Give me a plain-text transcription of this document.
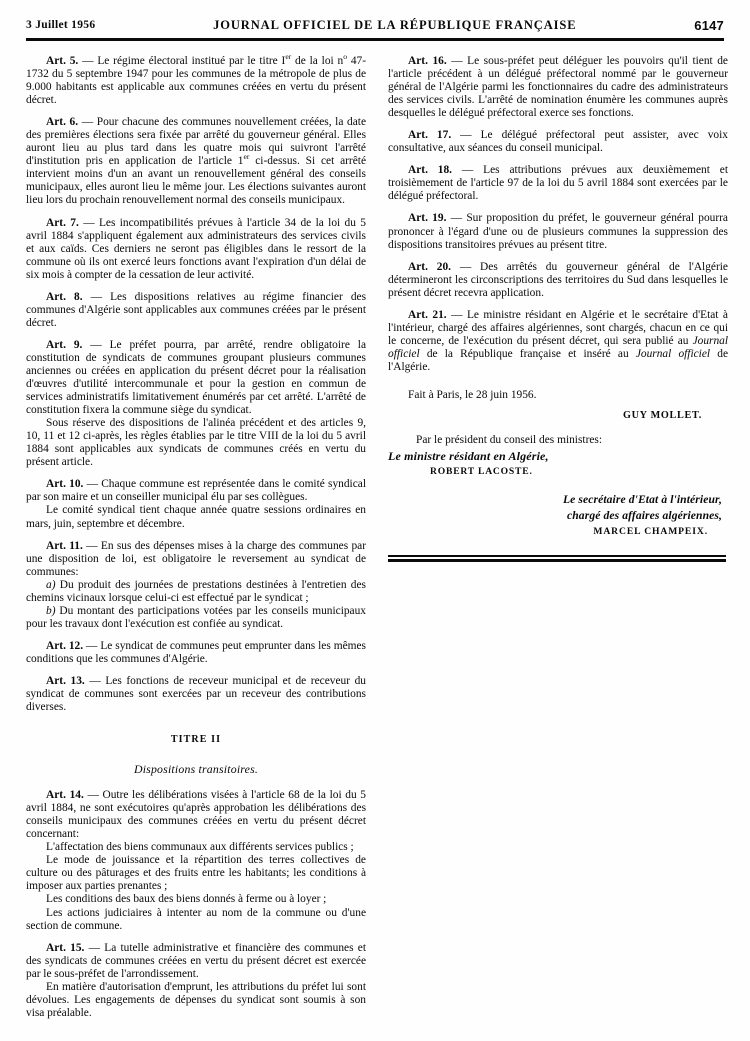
3 Juillet 1956	JOURNAL OFFICIEL DE LA RÉPUBLIQUE FRANÇAISE	6147

Art. 5. — Le régime électoral institué par le titre Ier de la loi $n^o$ 47-1732 du 5 septembre 1947 pour les communes de la métropole de plus de 9.000 habitants est applicable aux communes créées en vertu du présent décret.

Art. 6. — Pour chacune des communes nouvellement créées, la date des premières élections sera fixée par arrêté du gouverneur général. Elles auront lieu au plus tard dans les quatre mois qui suivront l'arrêté d'institution pris en application de l'article 1er ci-dessus. Si cet arrêté intervient moins d'un an avant un renouvellement général des conseils municipaux, elles auront lieu le même jour. Les élections suivantes auront lieu lors du prochain renouvellement normal des conseils municipaux.

Art. 7. — Les incompatibilités prévues à l'article 34 de la loi du 5 avril 1884 s'appliquent également aux administrateurs des services civils et aux caïds. Ces derniers ne seront pas éligibles dans le ressort de la commune où ils ont exercé leurs fonctions avant l'expiration d'un délai de six mois à compter de la cessation de leur activité.

Art. 8. — Les dispositions relatives au régime financier des communes d'Algérie sont applicables aux communes créées par le présent décret.

Art. 9. — Le préfet pourra, par arrêté, rendre obligatoire la constitution de syndicats de communes groupant plusieurs communes anciennes ou créées en application du présent décret pour la réalisation d'œuvres d'utilité intercommunale et pour la gestion en commun de services administratifs limitativement énumérés par cet arrêté. L'arrêté de constitution fixera la commune siège du syndicat.

Sous réserve des dispositions de l'alinéa précédent et des articles 9, 10, 11 et 12 ci-après, les règles établies par le titre VIII de la loi du 5 avril 1884 sont applicables aux syndicats de communes créés en vertu du présent article.

Art. 10. — Chaque commune est représentée dans le comité syndical par son maire et un conseiller municipal élu par ses collègues.

Le comité syndical tient chaque année quatre sessions ordinaires en mars, juin, septembre et décembre.

Art. 11. — En sus des dépenses mises à la charge des communes par une disposition de loi, est obligatoire le reversement au syndicat de communes:

a) Du produit des journées de prestations destinées à l'entretien des chemins vicinaux lorsque celui-ci est effectué par le syndicat ;

b) Du montant des participations votées par les conseils municipaux pour les travaux dont l'exécution est confiée au syndicat.

Art. 12. — Le syndicat de communes peut emprunter dans les mêmes conditions que les communes d'Algérie.

Art. 13. — Les fonctions de receveur municipal et de receveur du syndicat de communes sont exercées par un receveur des contributions diverses.

TITRE II
Dispositions transitoires.

Art. 14. — Outre les délibérations visées à l'article 68 de la loi du 5 avril 1884, ne sont exécutoires qu'après approbation les délibérations des conseils municipaux des communes créées en vertu du présent décret concernant:

L'affectation des biens communaux aux différents services publics ;

Le mode de jouissance et la répartition des terres collectives de culture ou des pâturages et des fruits entre les habitants; les conditions à imposer aux parties prenantes ;

Les conditions des baux des biens donnés à ferme ou à loyer ;

Les actions judiciaires à intenter au nom de la commune ou d'une section de commune.

Art. 15. — La tutelle administrative et financière des communes et des syndicats de communes créées en vertu du présent décret est exercée par le sous-préfet de l'arrondissement.

En matière d'autorisation d'emprunt, les attributions du préfet lui sont dévolues. Les engagements de dépenses du syndicat sont soumis à son visa préalable.

Art. 16. — Le sous-préfet peut déléguer les pouvoirs qu'il tient de l'article précédent à un délégué préfectoral nommé par le gouverneur général de l'Algérie parmi les fonctionnaires du cadre des administrateurs des services civils. L'arrêté de nomination énumère les communes auprès desquelles le délégué préfectoral exerce ses fonctions.

Art. 17. — Le délégué préfectoral peut assister, avec voix consultative, aux séances du conseil municipal.

Art. 18. — Les attributions prévues aux deuxièmement et troisièmement de l'article 97 de la loi du 5 avril 1884 sont exercées par le délégué préfectoral.

Art. 19. — Sur proposition du préfet, le gouverneur général pourra prononcer à l'égard d'une ou de plusieurs communes la suppression des dispositions transitoires prévues au présent titre.

Art. 20. — Des arrêtés du gouverneur général de l'Algérie détermineront les circonscriptions des territoires du Sud dans lesquelles le présent décret recevra application.

Art. 21. — Le ministre résidant en Algérie et le secrétaire d'Etat à l'intérieur, chargé des affaires algériennes, sont chargés, chacun en ce qui le concerne, de l'exécution du présent décret, qui sera publié au Journal officiel de la République française et inséré au Journal officiel de l'Algérie.

Fait à Paris, le 28 juin 1956.
GUY MOLLET.
Par le président du conseil des ministres:
Le ministre résidant en Algérie,
ROBERT LACOSTE.
Le secrétaire d'Etat à l'intérieur,
chargé des affaires algériennes,
MARCEL CHAMPEIX.
